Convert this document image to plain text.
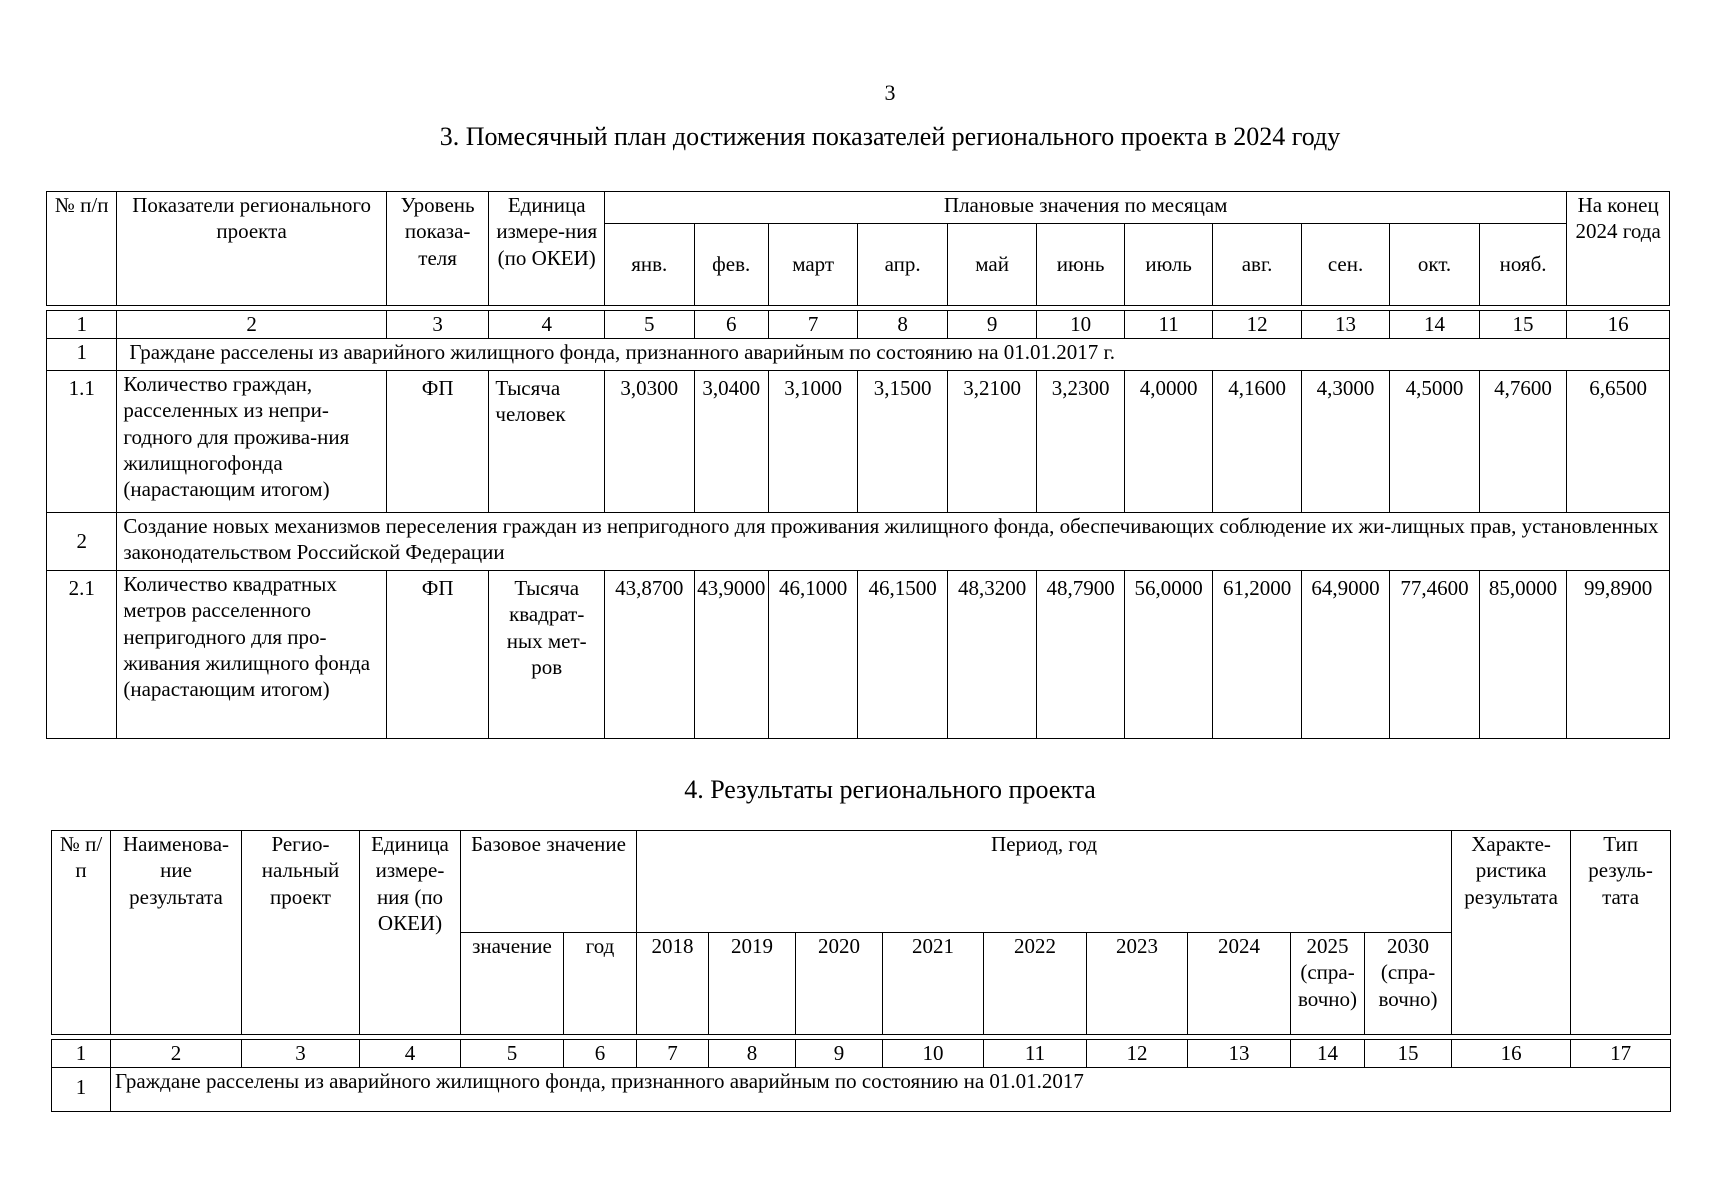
3
3. Помесячный план достижения показателей регионального проекта в 2024 году
№ п/п	Показатели регионального проекта	Уровень показа-теля	Единица измере-ния (по ОКЕИ)	Плановые значения по месяцам											На конец 2024 года
				янв.	фев.	март	апр.	май	июнь	июль	авг.	сен.	окт.	нояб.	

1	2	3	4	5	6	7	8	9	10	11	12	13	14	15	16
1	Граждане расселены из аварийного жилищного фонда, признанного аварийным по состоянию на 01.01.2017 г.														
1.1	Количество граждан, расселенных из непри-годного для прожива-ния жилищногофонда (нарастающим итогом)	ФП	Тысяча человек	3,0300	3,0400	3,1000	3,1500	3,2100	3,2300	4,0000	4,1600	4,3000	4,5000	4,7600	6,6500
2	Создание новых механизмов переселения граждан из непригодного для проживания жилищного фонда, обеспечивающих соблюдение их жи-лищных прав, установленных законодательством Российской Федерации														
2.1	Количество квадратных метров расселенного непригодного для про-живания жилищного фонда (нарастающим итогом)	ФП	Тысяча квадрат-ных мет-ров	43,8700	43,9000	46,1000	46,1500	48,3200	48,7900	56,0000	61,2000	64,9000	77,4600	85,0000	99,8900
4. Результаты регионального проекта
№ п/п	Наименова-ние результата	Регио-нальный проект	Единица измере-ния (по ОКЕИ)	Базовое значение		Период, год									Характе-ристика результата	Тип резуль-тата
				значение	год	2018	2019	2020	2021	2022	2023	2024	2025 (спра-вочно)	2030 (спра-вочно)		

1	2	3	4	5	6	7	8	9	10	11	12	13	14	15	16	17
1	Граждане расселены из аварийного жилищного фонда, признанного аварийным по состоянию на 01.01.2017															
